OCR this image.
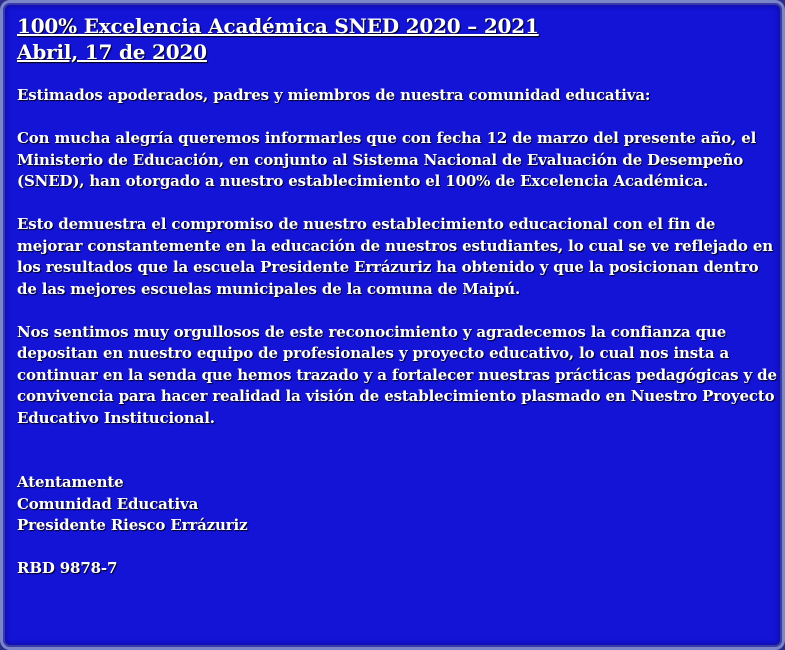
100% Excelencia Académica SNED 2020 – 2021
Abril, 17 de 2020

Estimados apoderados, padres y miembros de nuestra comunidad educativa:

Con mucha alegría queremos informarles que con fecha 12 de marzo del presente año, el Ministerio de Educación, en conjunto al Sistema Nacional de Evaluación de Desempeño (SNED), han otorgado a nuestro establecimiento el 100% de Excelencia Académica.

Esto demuestra el compromiso de nuestro establecimiento educacional con el fin de mejorar constantemente en la educación de nuestros estudiantes, lo cual se ve reflejado en los resultados que la escuela Presidente Errázuriz ha obtenido y que la posicionan dentro de las mejores escuelas municipales de la comuna de Maipú.

Nos sentimos muy orgullosos de este reconocimiento y agradecemos la confianza que depositan en nuestro equipo de profesionales y proyecto educativo, lo cual nos insta a continuar en la senda que hemos trazado y a fortalecer nuestras prácticas pedagógicas y de convivencia para hacer realidad la visión de establecimiento plasmado en Nuestro Proyecto Educativo Institucional.

Atentamente
Comunidad Educativa
Presidente Riesco Errázuriz
RBD 9878-7
